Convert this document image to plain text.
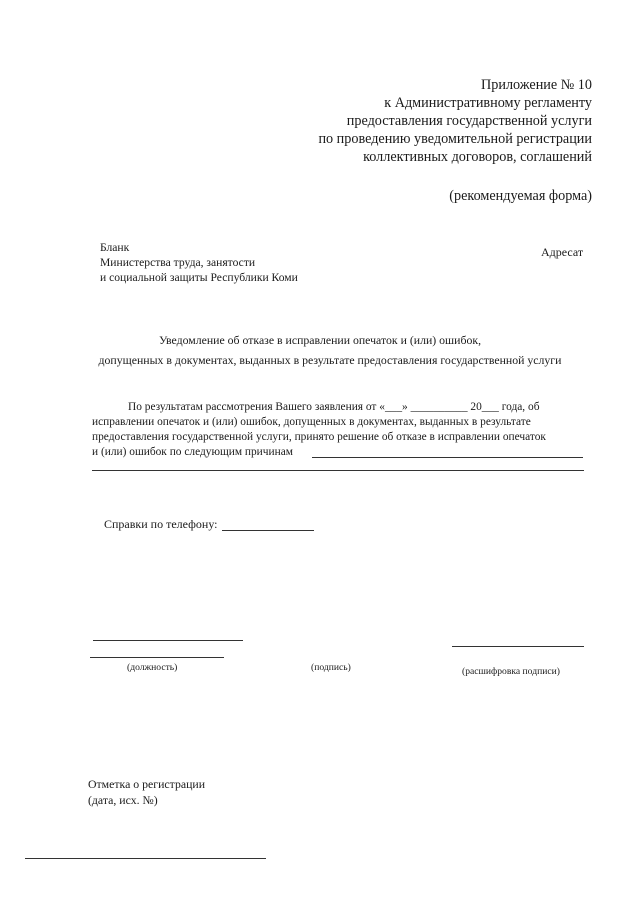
Приложение № 10
к Административному регламенту
предоставления государственной услуги
по проведению уведомительной регистрации
коллективных договоров, соглашений
(рекомендуемая форма)
Бланк
Министерства труда, занятости
и социальной защиты Республики Коми
Адресат
Уведомление об отказе в исправлении опечаток и (или) ошибок,
допущенных в документах, выданных в результате предоставления государственной услуги
По результатам рассмотрения Вашего заявления от «___» __________ 20___ года, об
исправлении опечаток и (или) ошибок, допущенных в документах, выданных в результате
предоставления государственной услуги, принято решение об отказе в исправлении опечаток
и (или) ошибок по следующим причинам
Справки по телефону:
(должность)	(подпись)	(расшифровка подписи)
Отметка о регистрации
(дата, исх. №)
